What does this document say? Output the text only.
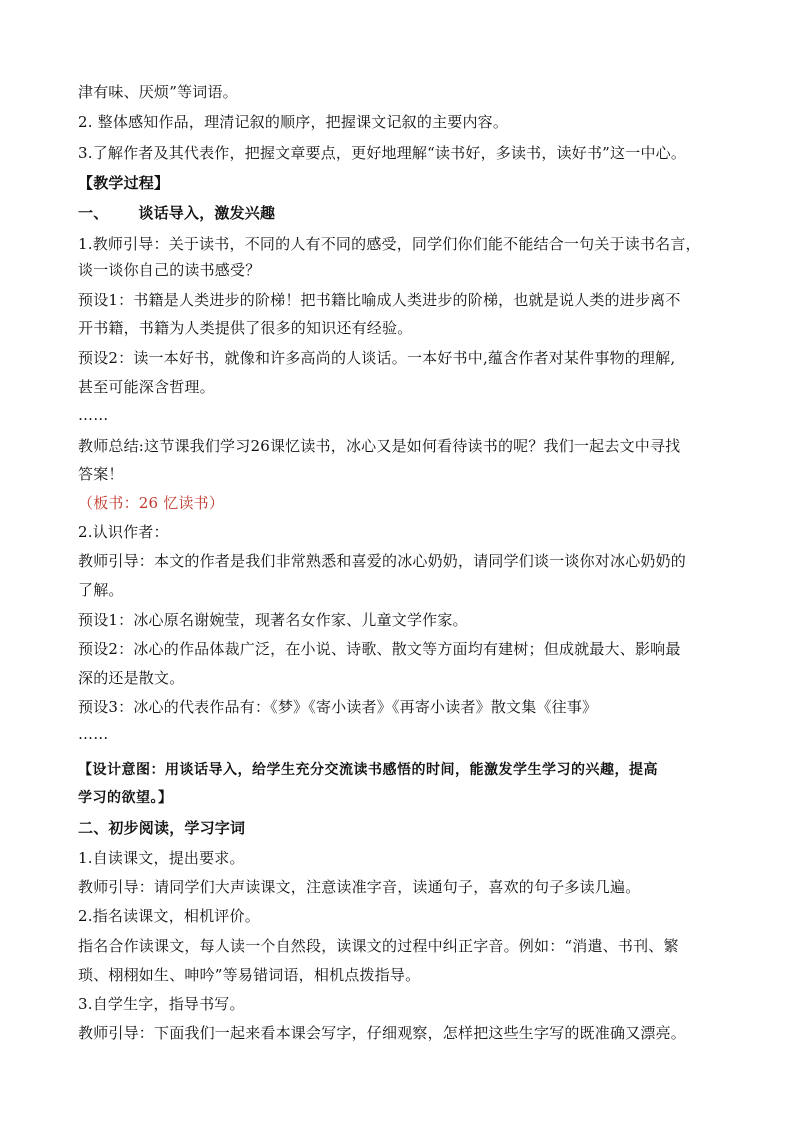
津有味、厌烦”等词语。
2. 整体感知作品，理清记叙的顺序，把握课文记叙的主要内容。
3.了解作者及其代表作，把握文章要点，更好地理解“读书好，多读书，读好书”这一中心。
【教学过程】
一、 谈话导入，激发兴趣
1.教师引导：关于读书，不同的人有不同的感受，同学们你们能不能结合一句关于读书名言，
谈一谈你自己的读书感受？
预设1：书籍是人类进步的阶梯！把书籍比喻成人类进步的阶梯，也就是说人类的进步离不
开书籍，书籍为人类提供了很多的知识还有经验。
预设2：读一本好书，就像和许多高尚的人谈话。一本好书中,蕴含作者对某件事物的理解,
甚至可能深含哲理。
……
教师总结:这节课我们学习26课忆读书，冰心又是如何看待读书的呢？我们一起去文中寻找
答案！
（板书：26 忆读书）
2.认识作者：
教师引导：本文的作者是我们非常熟悉和喜爱的冰心奶奶，请同学们谈一谈你对冰心奶奶的
了解。
预设1：冰心原名谢婉莹，现著名女作家、儿童文学作家。
预设2：冰心的作品体裁广泛，在小说、诗歌、散文等方面均有建树；但成就最大、影响最
深的还是散文。
预设3：冰心的代表作品有：《梦》《寄小读者》《再寄小读者》散文集《往事》
……
【设计意图：用谈话导入，给学生充分交流读书感悟的时间，能激发学生学习的兴趣，提高
学习的欲望。】
二、初步阅读，学习字词
1.自读课文，提出要求。
教师引导：请同学们大声读课文，注意读准字音，读通句子，喜欢的句子多读几遍。
2.指名读课文，相机评价。
指名合作读课文，每人读一个自然段，读课文的过程中纠正字音。例如：“消遣、书刊、繁
琐、栩栩如生、呻吟”等易错词语，相机点拨指导。
3.自学生字，指导书写。
教师引导：下面我们一起来看本课会写字，仔细观察，怎样把这些生字写的既准确又漂亮。
